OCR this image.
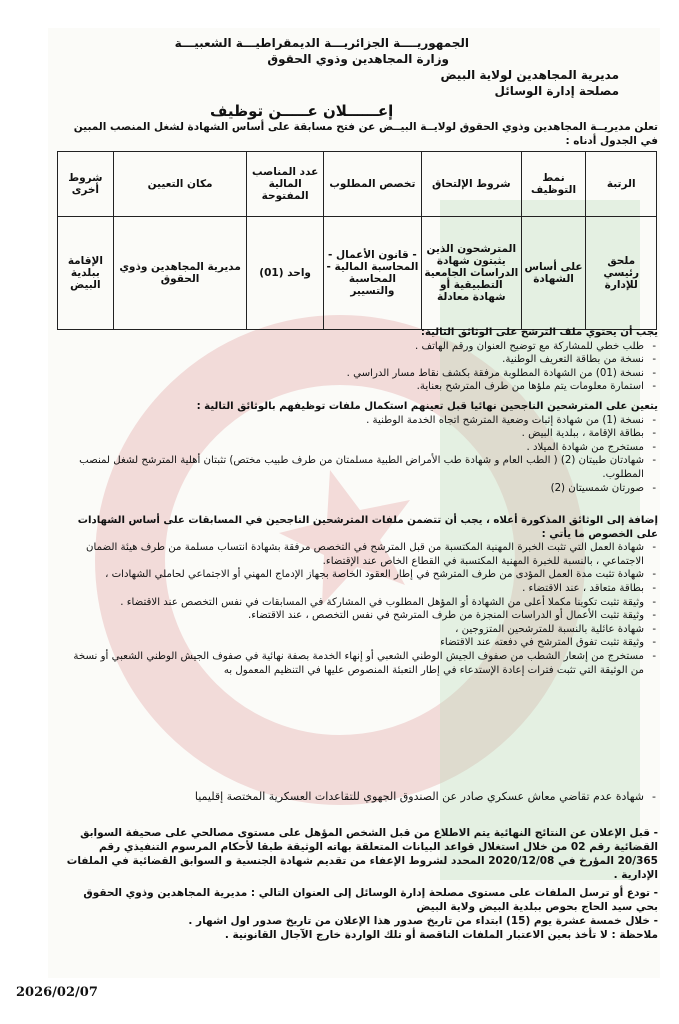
الجمهوريــــة الجزائريـــة الديمقراطيـــة الشعبيـــة
وزارة المجاهدين وذوي الحقوق
مديرية المجاهدين لولاية البيض
مصلحة إدارة الوسائل
إعــــــلان عـــــن توظيف
تعلن مديريــة المجاهدين وذوي الحقوق لولايــة البيــض عن فتح مسابقة على أساس الشهادة لشغل المنصب المبين في الجدول أدناه :
الرتبة	نمط التوظيف	شروط الإلتحاق	تخصص المطلوب	عدد المناصب المالية المفتوحة	مكان التعيين	شروط أخرى
ملحق رئيسي للإدارة	على أساس الشهادة	المترشحون الذين يثبتون شهادة الدراسات الجامعية التطبيقية أو شهادة معادلة	- قانون الأعمال - المحاسبة المالية - المحاسبة والتسيير	واحد (01)	مديرية المجاهدين وذوي الحقوق	الإقامة ببلدية البيض
يجب أن يحتوي ملف الترشح على الوثائق التالية:
- طلب خطي للمشاركة مع توضيح العنوان ورقم الهاتف .
- نسخة من بطاقة التعريف الوطنية.
- نسخة (01) من الشهادة المطلوبة مرفقة بكشف نقاط مسار الدراسي .
- استمارة معلومات يتم ملؤها من طرف المترشح بعناية.
يتعين على المترشحين الناجحين نهائيا قبل تعينهم استكمال ملفات توظيفهم بالوثائق التالية :
- نسخة (1) من شهادة إثبات وضعية المترشح اتجاه الخدمة الوطنية .
- بطاقة الإقامة ، ببلدية البيض .
- مستخرج من شهادة الميلاد .
- شهادتان طبيتان (2) ( الطب العام و شهادة طب الأمراض الطبية مسلمتان من طرف طبيب مختص) تثبتان أهلية المترشح لشغل لمنصب المطلوب.
- صورتان شمسيتان (2)
إضافة إلى الوثائق المذكورة أعلاه ، يجب أن تتضمن ملفات المترشحين الناجحين في المسابقات على أساس الشهادات على الخصوص ما يأتي :
- شهادة العمل التي تثبت الخبرة المهنية المكتسبة من قبل المترشح في التخصص مرفقة بشهادة انتساب مسلمة من طرف هيئة الضمان الاجتماعي ، بالنسبة للخبرة المهنية المكتسبة في القطاع الخاص عند الإقتضاء.
- شهادة تثبت مدة العمل المؤدى من طرف المترشح في إطار العقود الخاصة بجهاز الإدماج المهني أو الاجتماعي لحاملي الشهادات ،
- بطاقة متعاقد ، عند الاقتضاء .
- وثيقة تثبت تكوينا مكملا أعلى من الشهادة أو المؤهل المطلوب في المشاركة في المسابقات في نفس التخصص عند الاقتضاء .
- وثيقة تثبت الأعمال أو الدراسات المنجزة من طرف المترشح في نفس التخصص ، عند الاقتضاء.
- شهادة عائلية بالنسبة للمترشحين المتزوجين ،
- وثيقة تثبت تفوق المترشح في دفعته عند الاقتضاء
- مستخرج من إشعار الشطب من صفوف الجيش الوطني الشعبي أو إنهاء الخدمة بصفة نهائية في صفوف الجيش الوطني الشعبي أو نسخة من الوثيقة التي تثبت فترات إعادة الإستدعاء في إطار التعبئة المنصوص عليها في التنظيم المعمول به
- شهادة عدم تقاضي معاش عسكري صادر عن الصندوق الجهوي للتقاعدات العسكرية المختصة إقليميا
- قبل الإعلان عن النتائج النهائية يتم الاطلاع من قبل الشخص المؤهل على مستوى مصالحي على صحيفة السوابق القضائية رقم 02 من خلال استغلال قواعد البيانات المتعلقة بهاته الوثيقة طبقا لأحكام المرسوم التنفيذي رقم 20/365 المؤرخ في 2020/12/08 المحدد لشروط الإعفاء من تقديم شهادة الجنسية و السوابق القضائية في الملفات الإدارية .
- تودع أو ترسل الملفات على مستوى مصلحة إدارة الوسائل إلى العنوان التالي : مديرية المجاهدين وذوي الحقوق بحي سيد الحاج بحوص ببلدية البيض ولاية البيض
- خلال خمسة عشرة يوم (15) ابتداء من تاريخ صدور هذا الإعلان من تاريخ صدور اول اشهار .
ملاحظة : لا تأخذ بعين الاعتبار الملفات الناقصة أو تلك الواردة خارج الآجال القانونية .
2026/02/07
